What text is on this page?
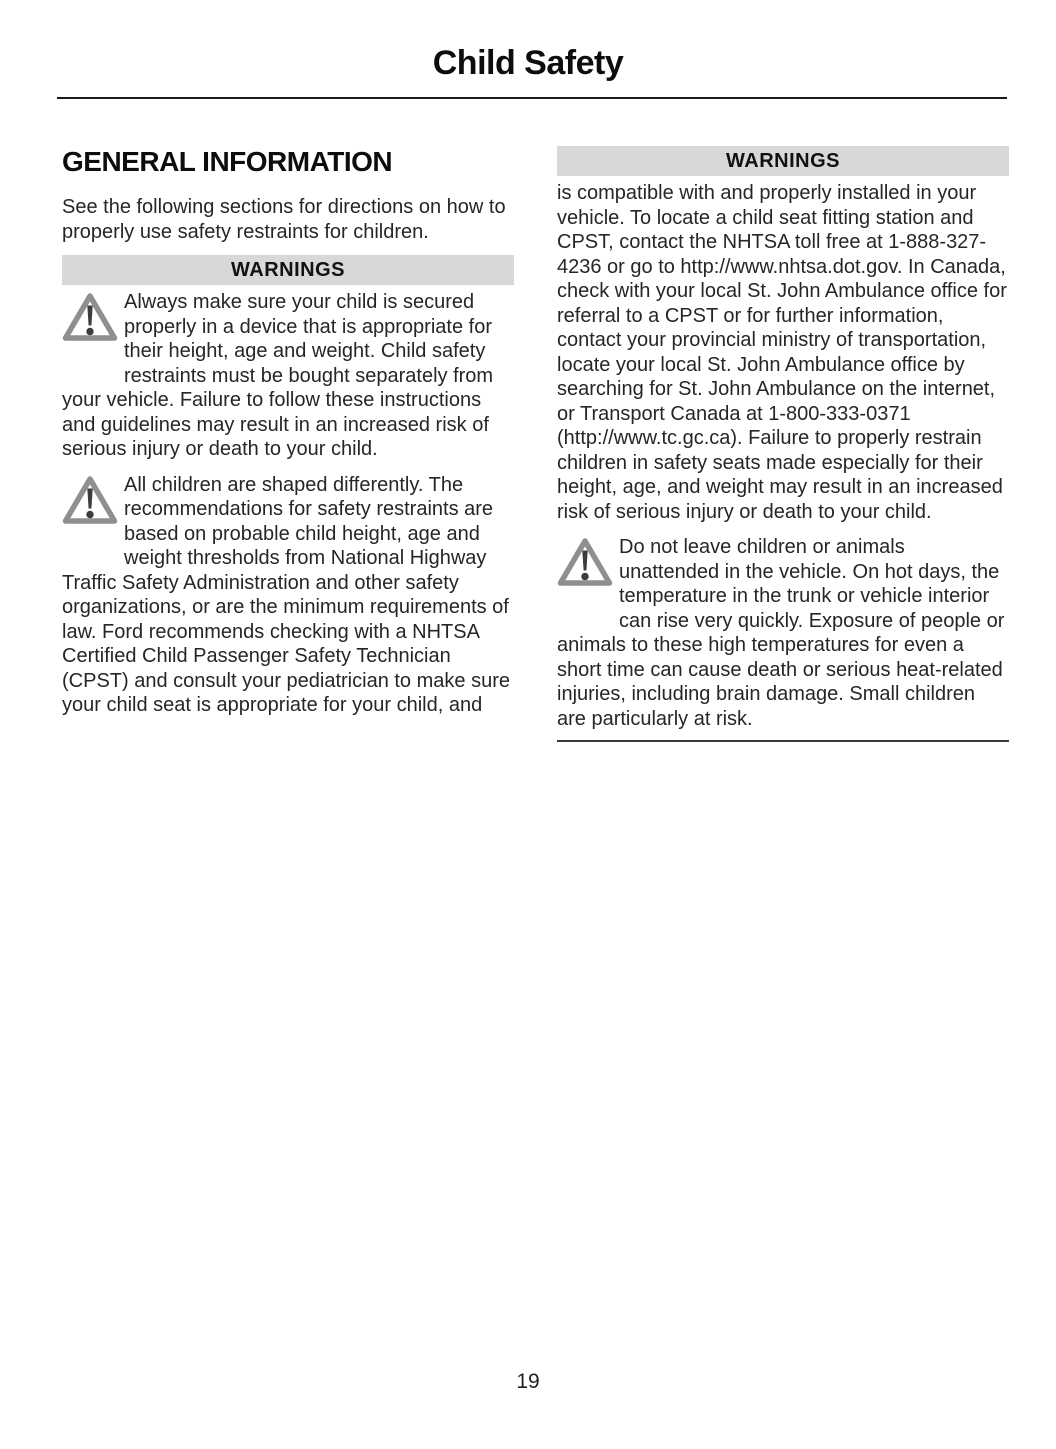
Child Safety
GENERAL INFORMATION

See the following sections for directions on how to properly use safety restraints for children.

WARNINGS

Always make sure your child is secured properly in a device that is appropriate for their height, age and weight. Child safety restraints must be bought separately from your vehicle. Failure to follow these instructions and guidelines may result in an increased risk of serious injury or death to your child.

All children are shaped differently. The recommendations for safety restraints are based on probable child height, age and weight thresholds from National Highway Traffic Safety Administration and other safety organizations, or are the minimum requirements of law. Ford recommends checking with a NHTSA Certified Child Passenger Safety Technician (CPST) and consult your pediatrician to make sure your child seat is appropriate for your child, and

WARNINGS

is compatible with and properly installed in your vehicle. To locate a child seat fitting station and CPST, contact the NHTSA toll free at 1-888-327-4236 or go to http://www.nhtsa.dot.gov. In Canada, check with your local St. John Ambulance office for referral to a CPST or for further information, contact your provincial ministry of transportation, locate your local St. John Ambulance office by searching for St. John Ambulance on the internet, or Transport Canada at 1-800-333-0371 (http://www.tc.gc.ca). Failure to properly restrain children in safety seats made especially for their height, age, and weight may result in an increased risk of serious injury or death to your child.

Do not leave children or animals unattended in the vehicle. On hot days, the temperature in the trunk or vehicle interior can rise very quickly. Exposure of people or animals to these high temperatures for even a short time can cause death or serious heat-related injuries, including brain damage. Small children are particularly at risk.

19
